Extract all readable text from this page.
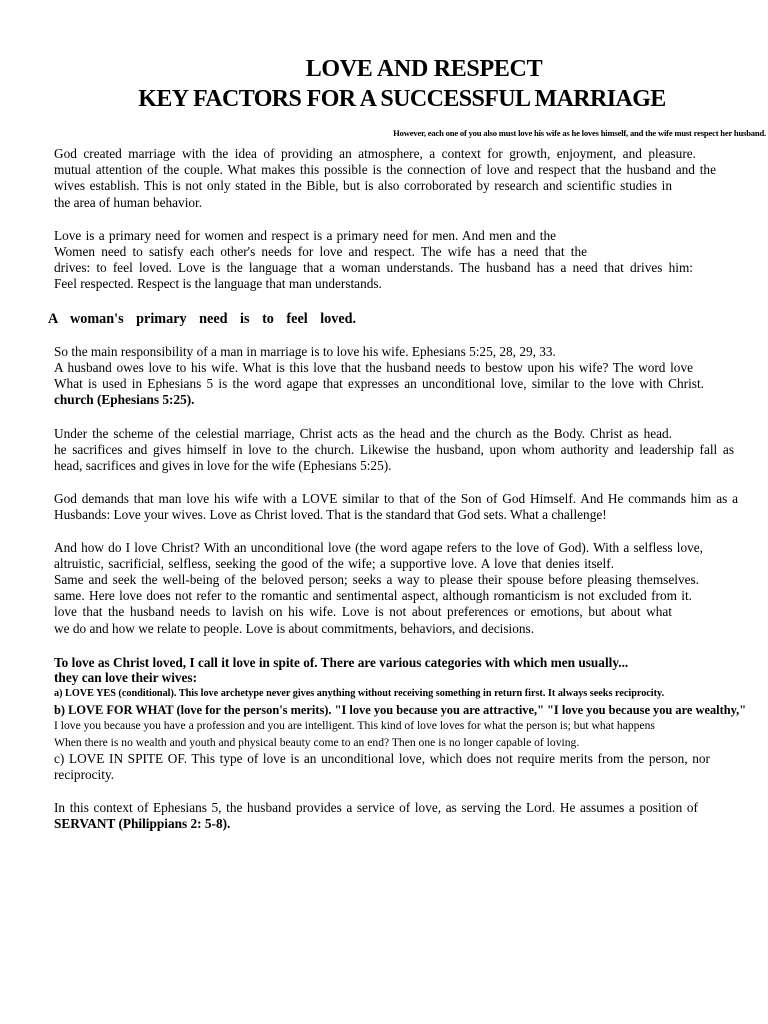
LOVE AND RESPECT
KEY FACTORS FOR A SUCCESSFUL MARRIAGE
However, each one of you also must love his wife as he loves himself, and the wife must respect her husband.
God created marriage with the idea of providing an atmosphere, a context for growth, enjoyment, and pleasure.
mutual attention of the couple. What makes this possible is the connection of love and respect that the husband and the
wives establish. This is not only stated in the Bible, but is also corroborated by research and scientific studies in
the area of human behavior.
Love is a primary need for women and respect is a primary need for men. And men and the
Women need to satisfy each other's needs for love and respect. The wife has a need that the
drives: to feel loved. Love is the language that a woman understands. The husband has a need that drives him:
Feel respected. Respect is the language that man understands.
A woman's primary need is to feel loved.
So the main responsibility of a man in marriage is to love his wife. Ephesians 5:25, 28, 29, 33.
A husband owes love to his wife. What is this love that the husband needs to bestow upon his wife? The word love
What is used in Ephesians 5 is the word agape that expresses an unconditional love, similar to the love with Christ.
church (Ephesians 5:25).
Under the scheme of the celestial marriage, Christ acts as the head and the church as the Body. Christ as head.
he sacrifices and gives himself in love to the church. Likewise the husband, upon whom authority and leadership fall as
head, sacrifices and gives in love for the wife (Ephesians 5:25).
God demands that man love his wife with a LOVE similar to that of the Son of God Himself. And He commands him as a
Husbands: Love your wives. Love as Christ loved. That is the standard that God sets. What a challenge!
And how do I love Christ? With an unconditional love (the word agape refers to the love of God). With a selfless love,
altruistic, sacrificial, selfless, seeking the good of the wife; a supportive love. A love that denies itself.
Same and seek the well-being of the beloved person; seeks a way to please their spouse before pleasing themselves.
same. Here love does not refer to the romantic and sentimental aspect, although romanticism is not excluded from it.
love that the husband needs to lavish on his wife. Love is not about preferences or emotions, but about what
we do and how we relate to people. Love is about commitments, behaviors, and decisions.
To love as Christ loved, I call it love in spite of. There are various categories with which men usually...
they can love their wives:
a) LOVE YES (conditional). This love archetype never gives anything without receiving something in return first. It always seeks reciprocity.
b) LOVE FOR WHAT (love for the person's merits). "I love you because you are attractive," "I love you because you are wealthy,"
I love you because you have a profession and you are intelligent. This kind of love loves for what the person is; but what happens
When there is no wealth and youth and physical beauty come to an end? Then one is no longer capable of loving.
c) LOVE IN SPITE OF. This type of love is an unconditional love, which does not require merits from the person, nor
reciprocity.
In this context of Ephesians 5, the husband provides a service of love, as serving the Lord. He assumes a position of
SERVANT (Philippians 2: 5-8).
